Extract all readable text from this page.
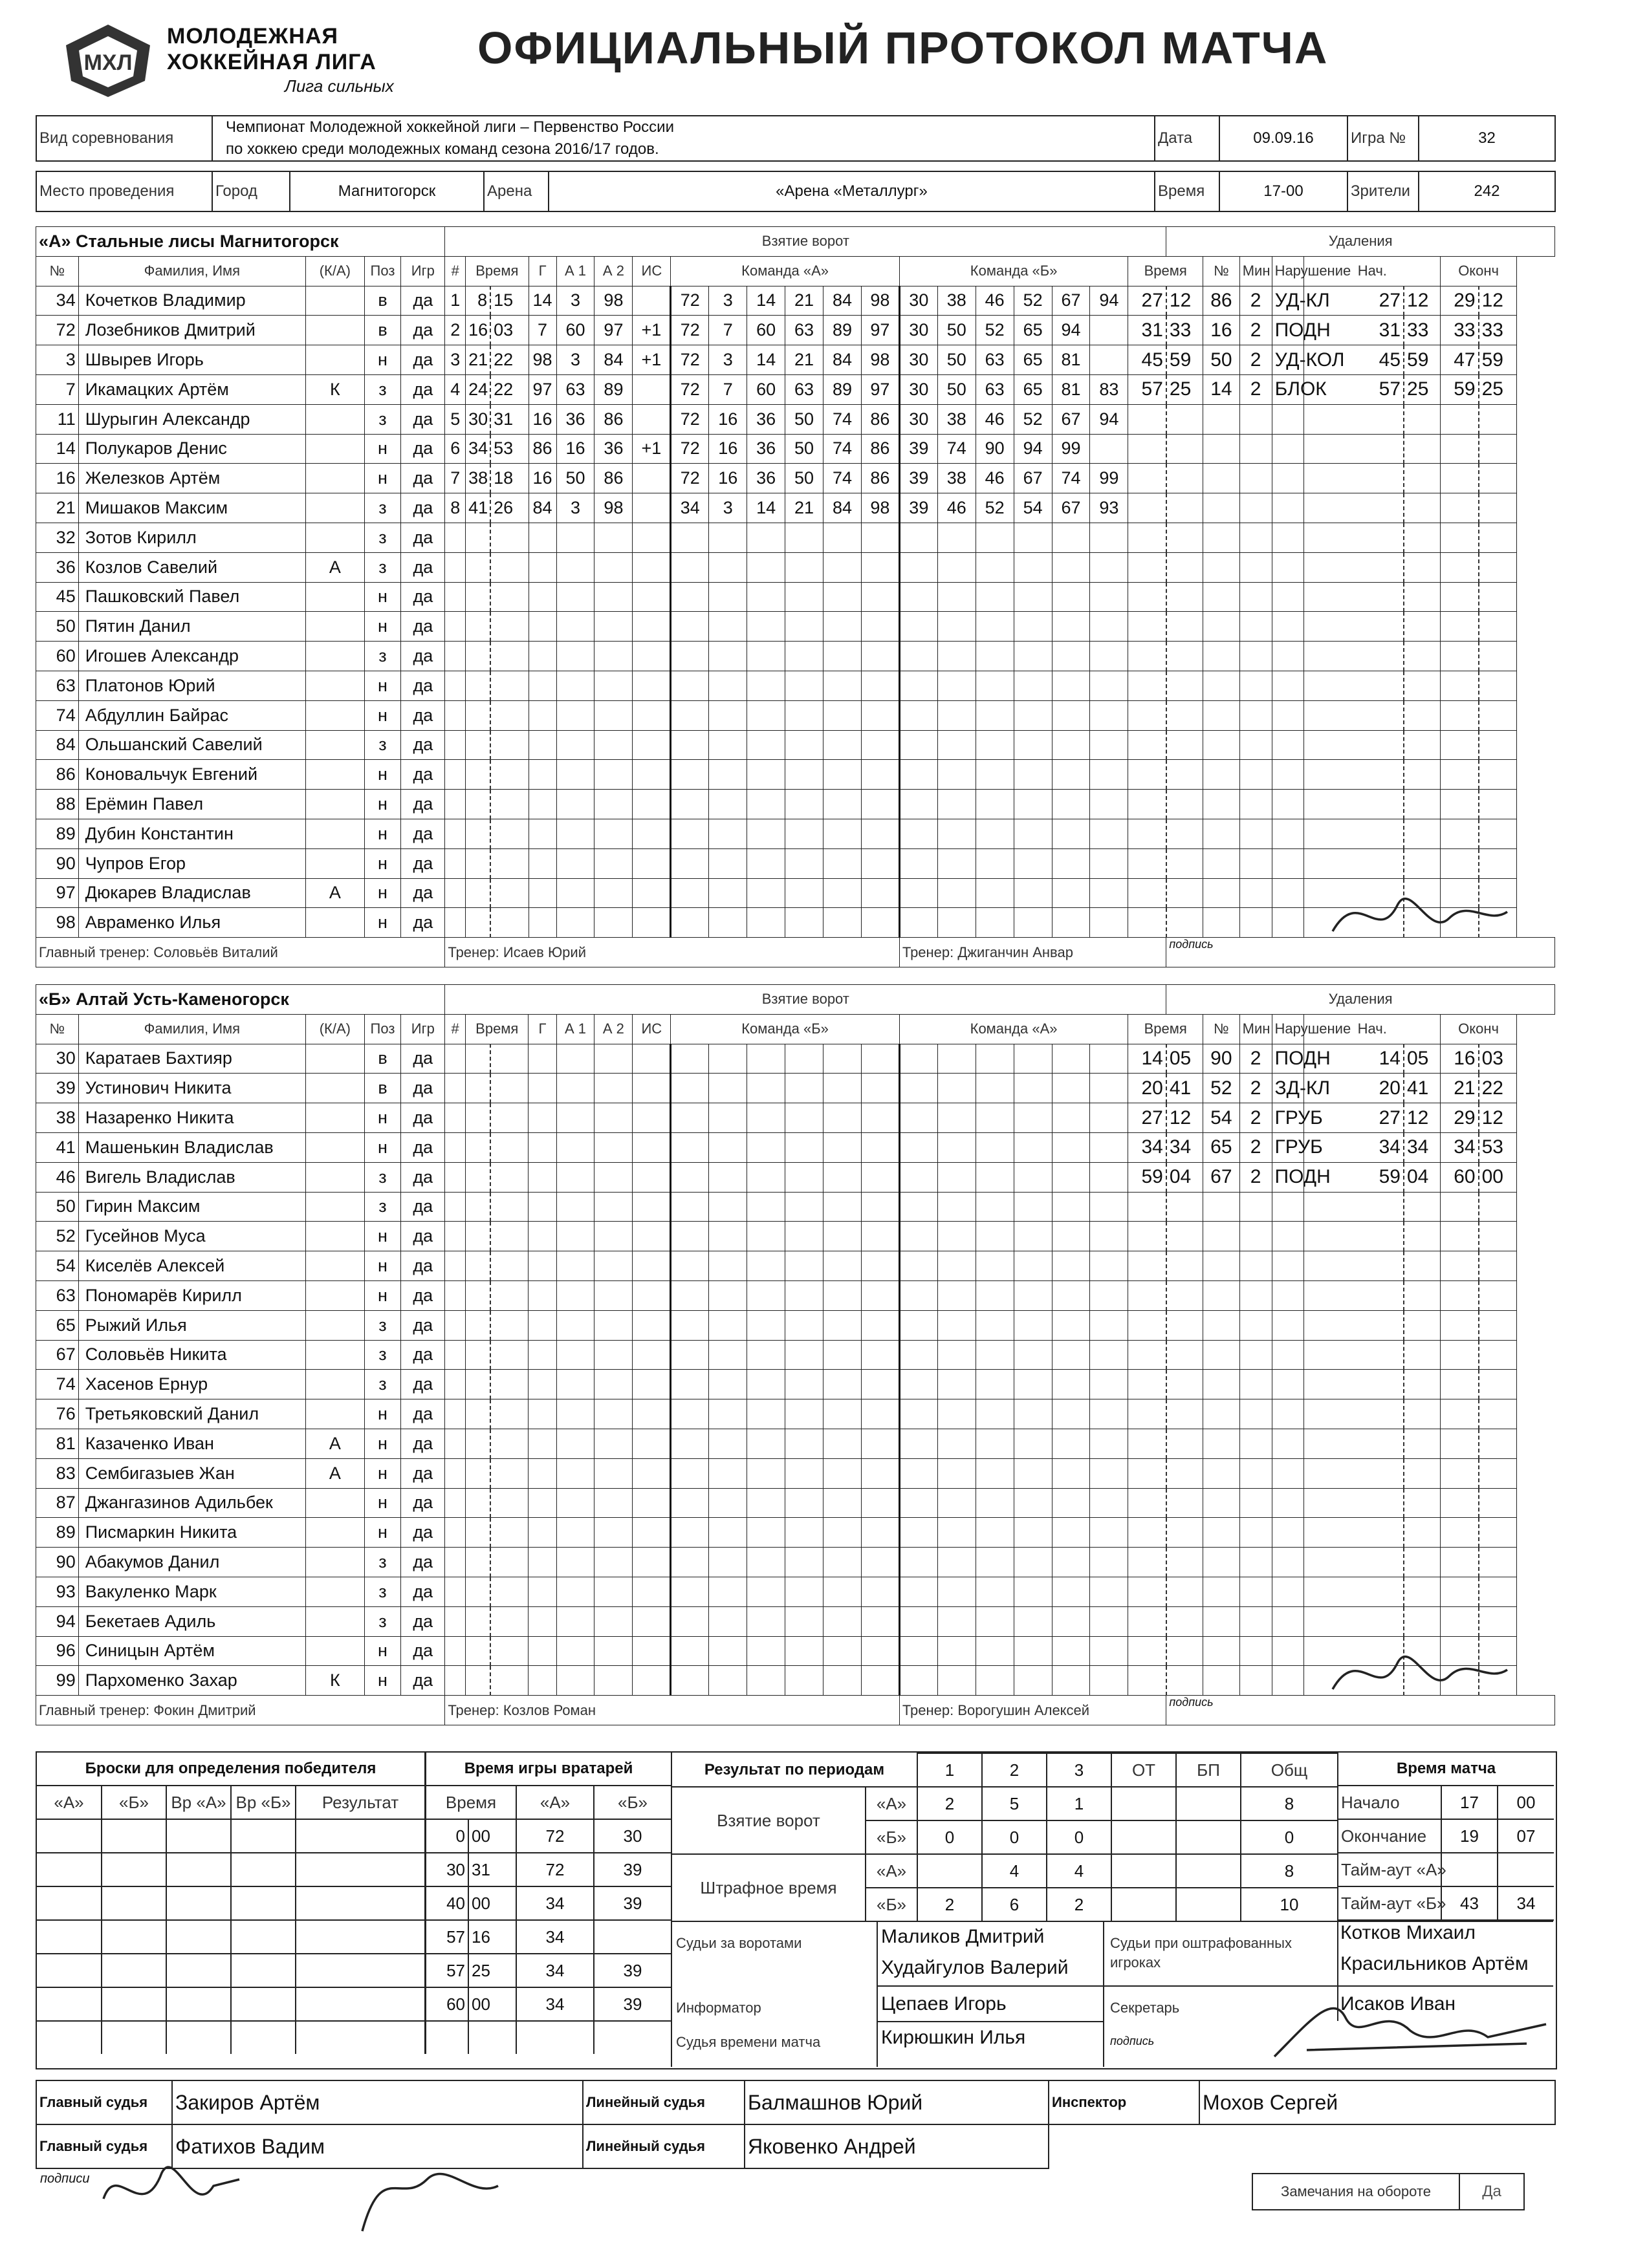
МХЛ
МОЛОДЕЖНАЯ
ХОККЕЙНАЯ ЛИГА
Лига сильных
ОФИЦИАЛЬНЫЙ ПРОТОКОЛ МАТЧА
Вид соревнования	
Чемпионат Молодежной хоккейной лиги – Первенство России
по хоккею среди молодежных команд сезона 2016/17 годов.
	Дата	09.09.16	Игра №	32
Место проведения	Город	Магнитогорск	Арена	«Арена «Металлург»	Время	17-00	Зрители	242
«А» Стальные лисы Магнитогорск					Взятие ворот																				Удаления							
№	Фамилия, Имя	(К/А)	Поз	Игр	#	Время		Г	А 1	А 2	ИС	Команда «А»						Команда «Б»						Время		№	Мин	Нарушение	Нач.		Оконч	
34	Кочетков Владимир		в	да	1	8	15	14	3	98		72	3	14	21	84	98	30	38	46	52	67	94	27	12	86	2	УД-КЛ	27	12	29	12
72	Лозебников Дмитрий		в	да	2	16	03	7	60	97	+1	72	7	60	63	89	97	30	50	52	65	94		31	33	16	2	ПОДН	31	33	33	33
3	Швырев Игорь		н	да	3	21	22	98	3	84	+1	72	3	14	21	84	98	30	50	63	65	81		45	59	50	2	УД-КОЛ	45	59	47	59
7	Икамацких Артём	К	з	да	4	24	22	97	63	89		72	7	60	63	89	97	30	50	63	65	81	83	57	25	14	2	БЛОК	57	25	59	25
11	Шурыгин Александр		з	да	5	30	31	16	36	86		72	16	36	50	74	86	30	38	46	52	67	94									
14	Полукаров Денис		н	да	6	34	53	86	16	36	+1	72	16	36	50	74	86	39	74	90	94	99										
16	Железков Артём		н	да	7	38	18	16	50	86		72	16	36	50	74	86	39	38	46	67	74	99									
21	Мишаков Максим		з	да	8	41	26	84	3	98		34	3	14	21	84	98	39	46	52	54	67	93									
32	Зотов Кирилл		з	да																												
36	Козлов Савелий	А	з	да																												
45	Пашковский Павел		н	да																												
50	Пятин Данил		н	да																												
60	Игошев Александр		з	да																												
63	Платонов Юрий		н	да																												
74	Абдуллин Байрас		н	да																												
84	Ольшанский Савелий		з	да																												
86	Коновальчук Евгений		н	да																												
88	Ерёмин Павел		н	да																												
89	Дубин Константин		н	да																												
90	Чупров Егор		н	да																												
97	Дюкарев Владислав	А	н	да																												
98	Авраменко Илья		н	да																												
Главный тренер: Соловьёв Виталий					Тренер: Исаев Юрий													Тренер: Джиганчин Анвар							подпись							
«Б» Алтай Усть-Каменогорск					Взятие ворот																				Удаления							
№	Фамилия, Имя	(К/А)	Поз	Игр	#	Время		Г	А 1	А 2	ИС	Команда «Б»						Команда «А»						Время		№	Мин	Нарушение	Нач.		Оконч	
30	Каратаев Бахтияр		в	да																				14	05	90	2	ПОДН	14	05	16	03
39	Устинович Никита		в	да																				20	41	52	2	ЗД-КЛ	20	41	21	22
38	Назаренко Никита		н	да																				27	12	54	2	ГРУБ	27	12	29	12
41	Машенькин Владислав		н	да																				34	34	65	2	ГРУБ	34	34	34	53
46	Вигель Владислав		з	да																				59	04	67	2	ПОДН	59	04	60	00
50	Гирин Максим		з	да																												
52	Гусейнов Муса		н	да																												
54	Киселёв Алексей		н	да																												
63	Пономарёв Кирилл		н	да																												
65	Рыжий Илья		з	да																												
67	Соловьёв Никита		з	да																												
74	Хасенов Ернур		з	да																												
76	Третьяковский Данил		н	да																												
81	Казаченко Иван	А	н	да																												
83	Сембигазыев Жан	А	н	да																												
87	Джангазинов Адильбек		н	да																												
89	Писмаркин Никита		н	да																												
90	Абакумов Данил		з	да																												
93	Вакуленко Марк		з	да																												
94	Бекетаев Адиль		з	да																												
96	Синицын Артём		н	да																												
99	Пархоменко Захар	К	н	да																												
Главный тренер: Фокин Дмитрий					Тренер: Козлов Роман													Тренер: Ворогушин Алексей							подпись							
Броски для определения победителя				
«А»	«Б»	Вр «А»	Вр «Б»	Результат

Время игры вратарей			
Время		«А»	«Б»
0	00	72	30
30	31	72	39
40	00	34	39
57	16	34	
57	25	34	39
60	00	34	39

Результат по периодам		1	2	3	ОТ	БП	Общ
Взятие ворот	«А»	2	5	1			8
	«Б»	0	0	0			0
Штрафное время	«А»		4	4			8
	«Б»	2	6	2			10
Время матча		
Начало	17	00
Окончание	19	07
Тайм-аут «А»		
Тайм-аут «Б»	43	34
Судьи за воротами	Маликов Дмитрий
Худайгулов Валерий
Судьи при оштрафованных игроках
Котков Михаил
Красильников Артём
Информатор	Цепаев Игорь	Секретарь	Исаков Иван
Судья времени матча	Кирюшкин Илья	подпись
Главный судья	Закиров Артём	Линейный судья	Балмашнов Юрий
Главный судья	Фатихов Вадим	Линейный судья	Яковенко Андрей
Инспектор	Мохов Сергей
подписи
Замечания на обороте	Да
